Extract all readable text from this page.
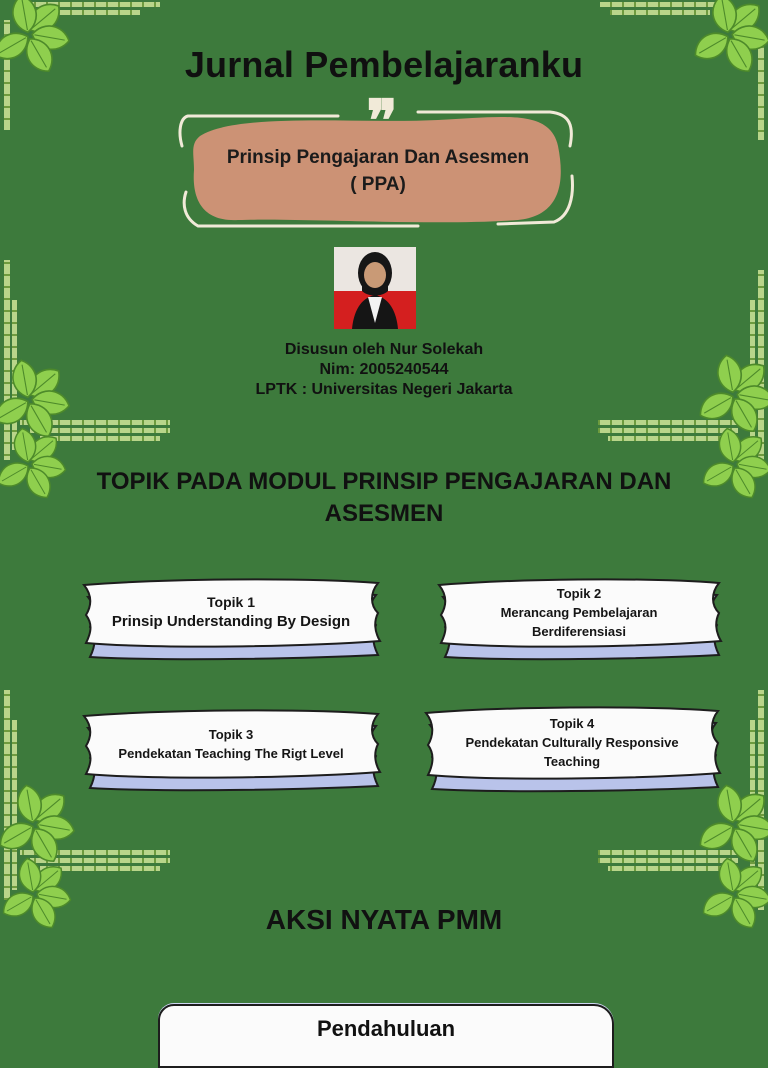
Jurnal Pembelajaranku
❞
Prinsip Pengajaran Dan Asesmen
( PPA)
Disusun oleh Nur Solekah
Nim: 2005240544
LPTK : Universitas Negeri Jakarta
TOPIK PADA MODUL PRINSIP PENGAJARAN DAN
ASESMEN
Topik 1
Prinsip Understanding By Design
Topik 2
Merancang Pembelajaran Berdiferensiasi
Topik 3
Pendekatan Teaching The Rigt Level
Topik 4
Pendekatan Culturally Responsive Teaching
AKSI NYATA PMM
Pendahuluan
